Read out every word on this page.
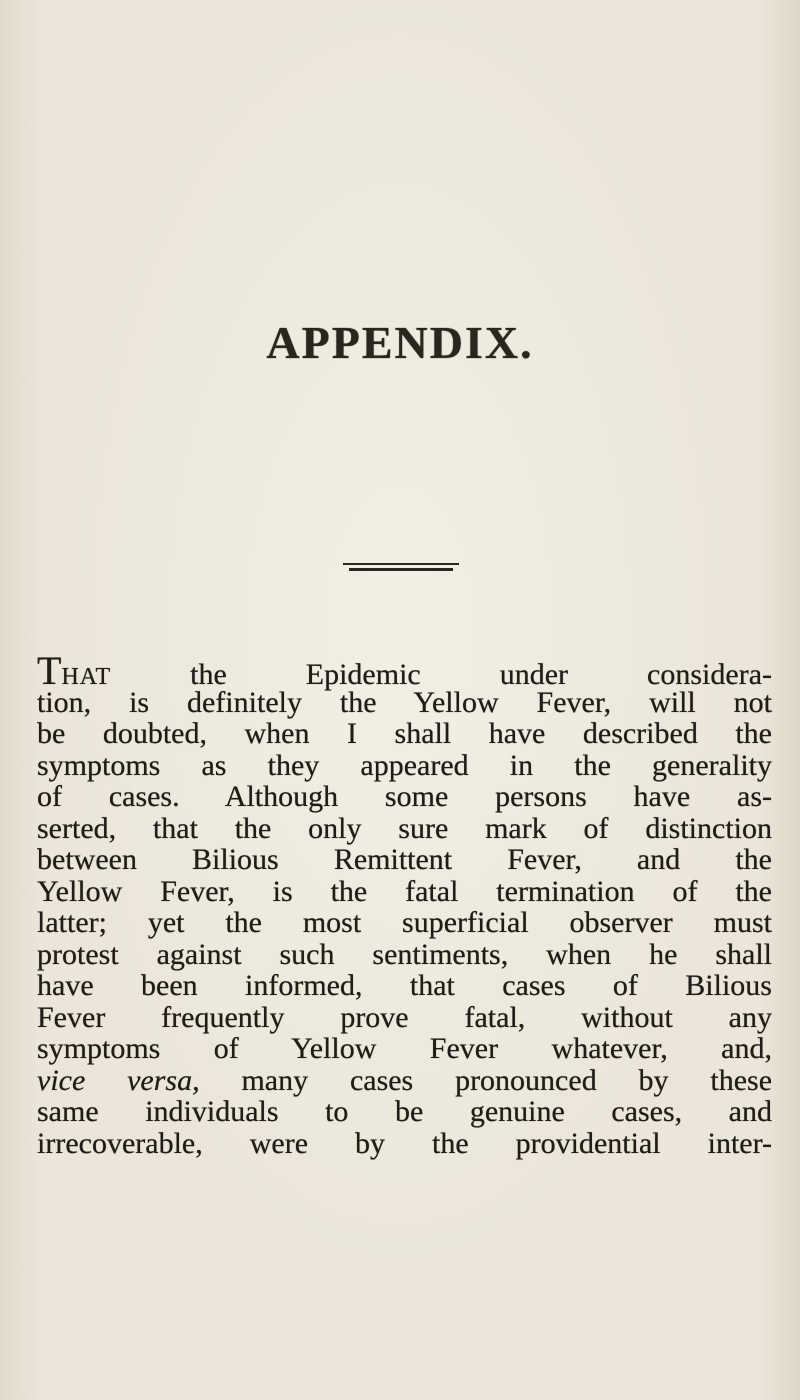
APPENDIX.
THAT the Epidemic under considera-
tion, is definitely the Yellow Fever, will not
be doubted, when I shall have described the
symptoms as they appeared in the generality
of cases. Although some persons have as-
serted, that the only sure mark of distinction
between Bilious Remittent Fever, and the
Yellow Fever, is the fatal termination of the
latter; yet the most superficial observer must
protest against such sentiments, when he shall
have been informed, that cases of Bilious
Fever frequently prove fatal, without any
symptoms of Yellow Fever whatever, and,
vice versa, many cases pronounced by these
same individuals to be genuine cases, and
irrecoverable, were by the providential inter-
